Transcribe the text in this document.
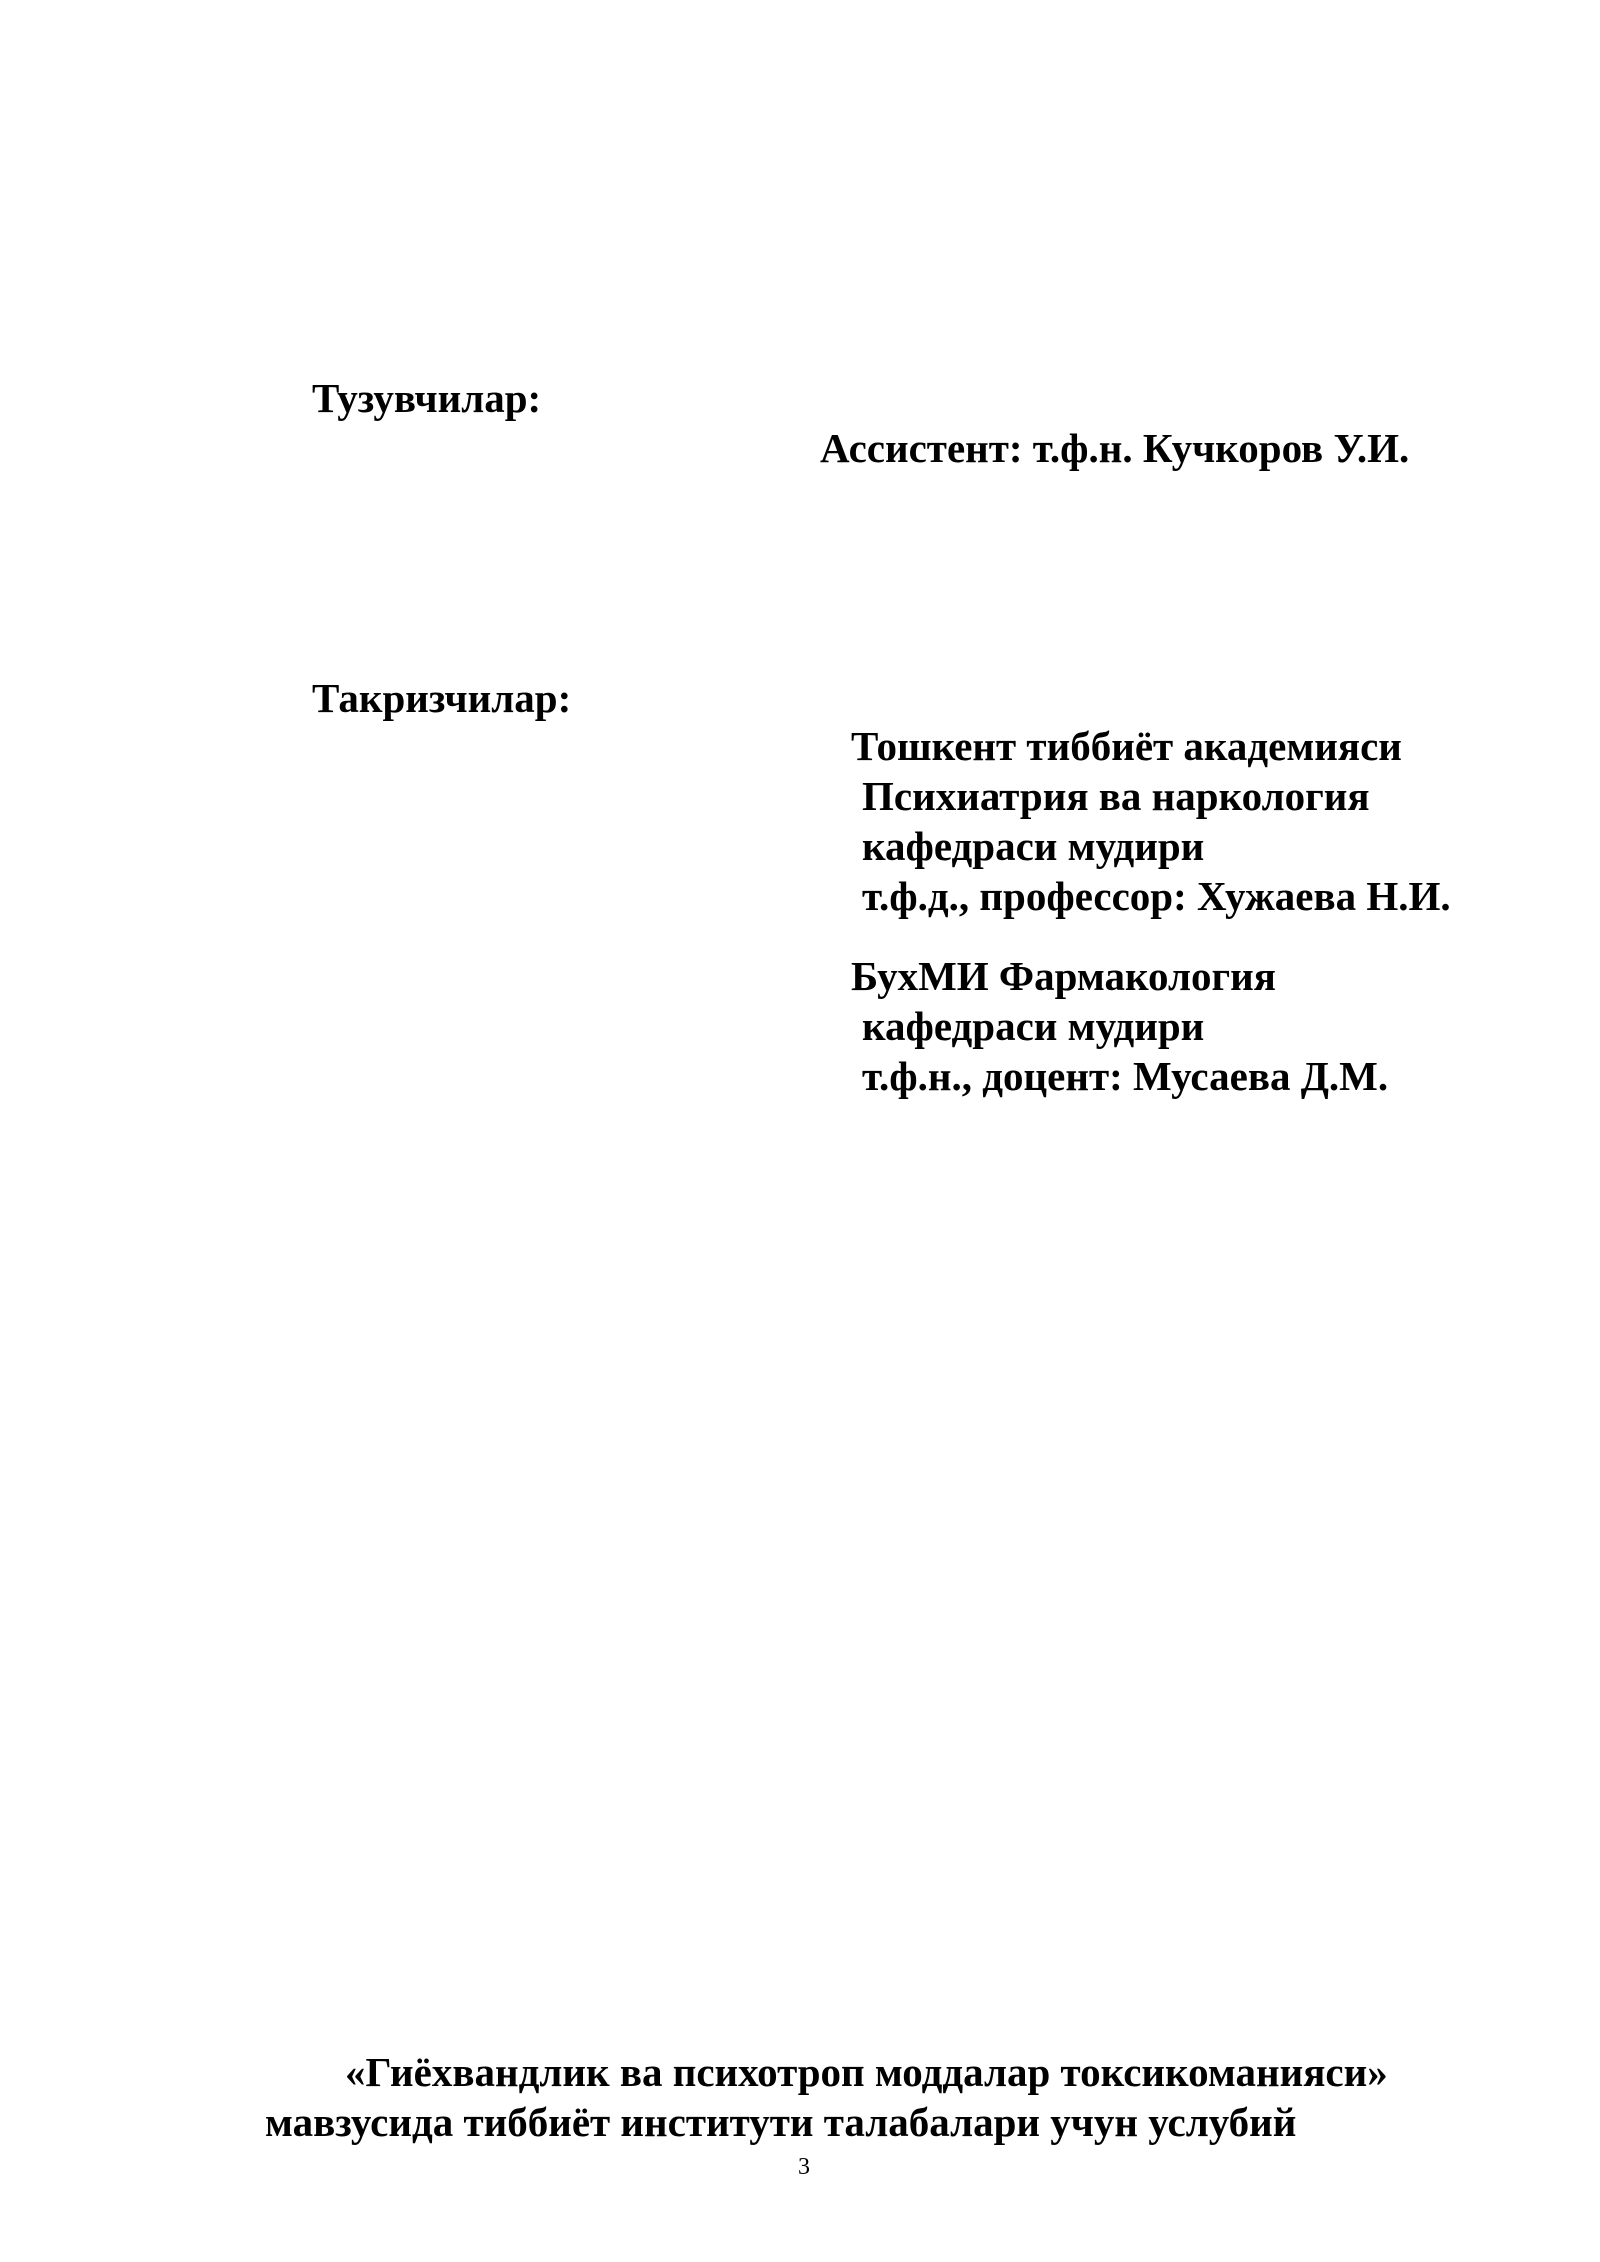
Тузувчилар:
Ассистент: т.ф.н. Кучкоров У.И.
Такризчилар:
Тошкент тиббиёт академияси
Психиатрия ва наркология
кафедраси мудири
т.ф.д., профессор: Хужаева Н.И.
БухМИ Фармакология
кафедраси мудири
т.ф.н., доцент: Мусаева Д.М.
«Гиёхвандлик ва психотроп моддалар токсикоманияси»
мавзусида тиббиёт институти талабалари учун услубий
3
